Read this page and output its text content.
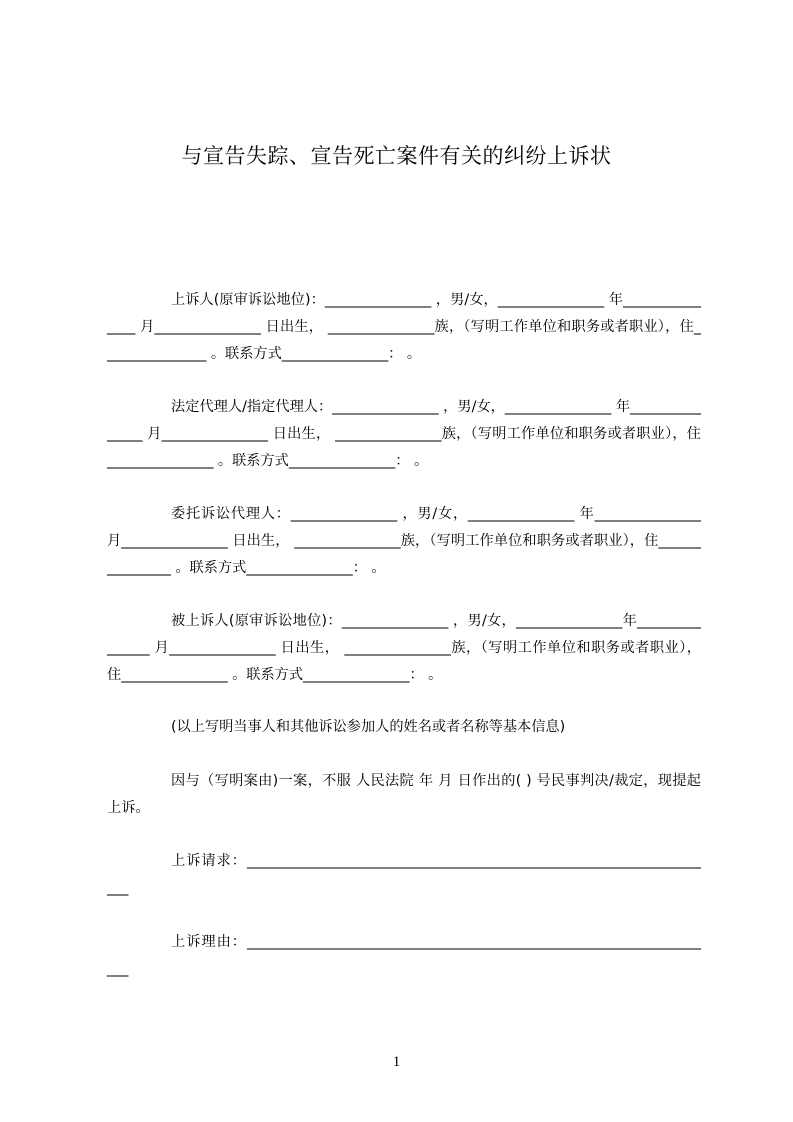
与宣告失踪、宣告死亡案件有关的纠纷上诉状

上诉人(原审诉讼地位)：_______________ ，男/女，_______________ 年_______________ 月_______________ 日出生， _______________族，（写明工作单位和职务或者职业），住_______________ 。联系方式_______________： 。

法定代理人/指定代理人：_______________ ，男/女，_______________ 年_______________ 月_______________ 日出生， _______________族，（写明工作单位和职务或者职业），住_______________ 。联系方式_______________： 。

委托诉讼代理人：_______________ ，男/女，_______________ 年_______________ 月_______________ 日出生， _______________族，（写明工作单位和职务或者职业），住_______________ 。联系方式_______________： 。

被上诉人(原审诉讼地位)：_______________ ，男/女，_______________年_______________ 月_______________ 日出生， _______________族，（写明工作单位和职务或者职业），住_______________ 。联系方式_______________： 。

(以上写明当事人和其他诉讼参加人的姓名或者名称等基本信息)

因与（写明案由)一案，不服 人民法院 年 月 日作出的( ) 号民事判决/裁定，现提起上诉。

上诉请求：___________________________________________________________________

上诉理由：___________________________________________________________________

1
